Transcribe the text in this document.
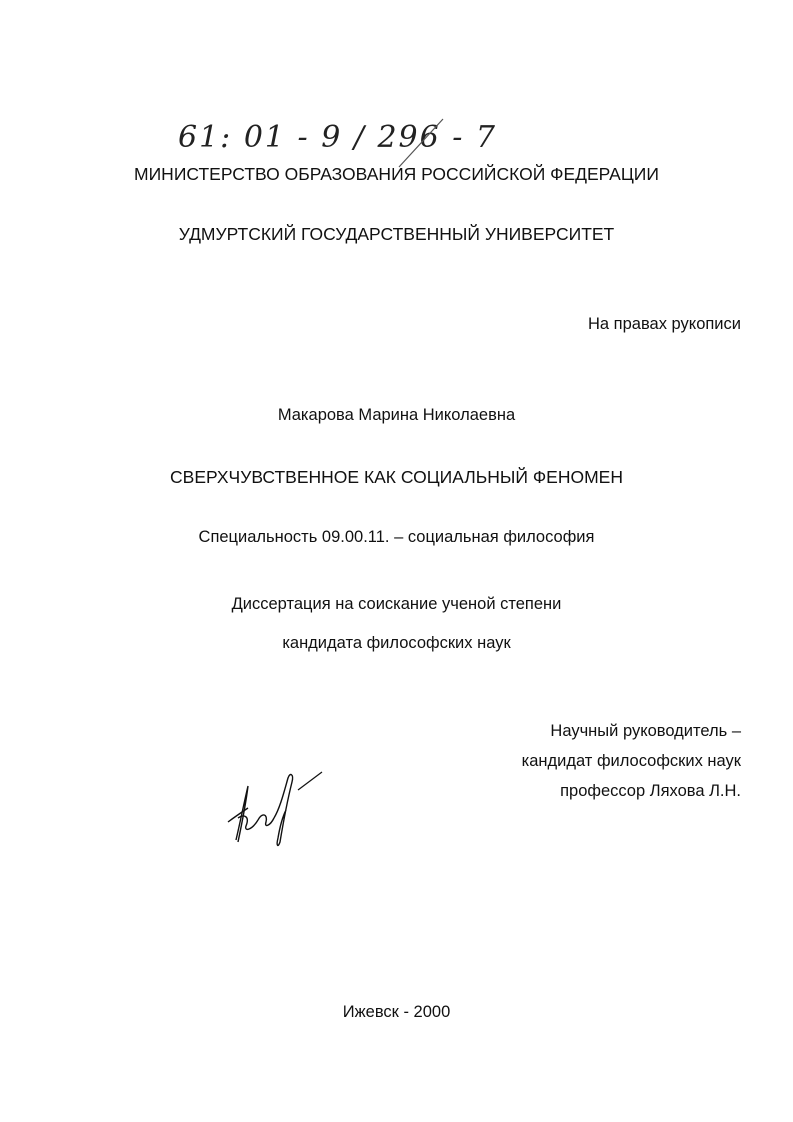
61: 01 - 9 / 296 - 7
МИНИСТЕРСТВО ОБРАЗОВАНИЯ РОССИЙСКОЙ ФЕДЕРАЦИИ
УДМУРТСКИЙ ГОСУДАРСТВЕННЫЙ УНИВЕРСИТЕТ
На правах рукописи
Макарова Марина Николаевна
СВЕРХЧУВСТВЕННОЕ КАК СОЦИАЛЬНЫЙ ФЕНОМЕН
Специальность 09.00.11. – социальная философия
Диссертация на соискание ученой степени
кандидата философских наук
Научный руководитель –
кандидат философских наук
профессор Ляхова Л.Н.
Ижевск - 2000
